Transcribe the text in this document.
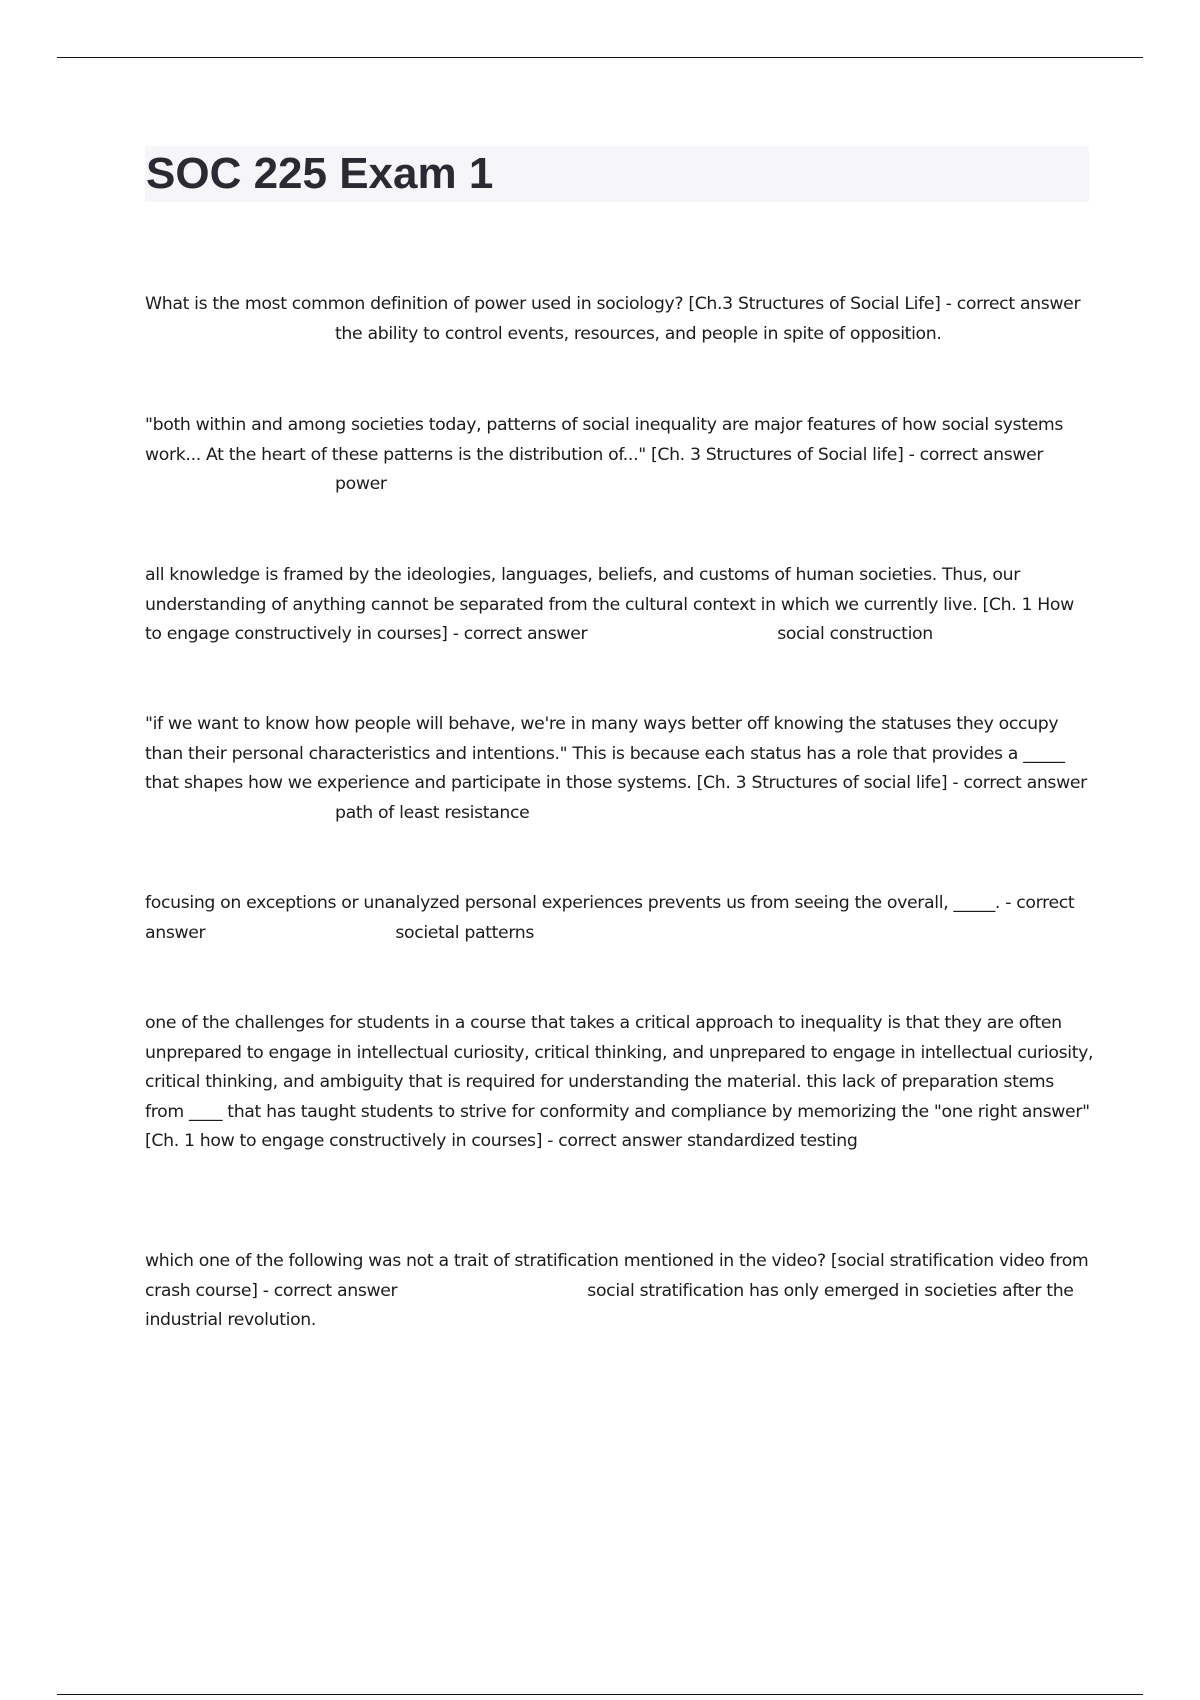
SOC 225 Exam 1
What is the most common definition of power used in sociology? [Ch.3 Structures of Social Life] - correct answerthe ability to control events, resources, and people in spite of opposition.
"both within and among societies today, patterns of social inequality are major features of how social systems work... At the heart of these patterns is the distribution of..." [Ch. 3 Structures of Social life] - correct answerpower
all knowledge is framed by the ideologies, languages, beliefs, and customs of human societies. Thus, our understanding of anything cannot be separated from the cultural context in which we currently live. [Ch. 1 How to engage constructively in courses] - correct answer	social construction
"if we want to know how people will behave, we're in many ways better off knowing the statuses they occupy than their personal characteristics and intentions." This is because each status has a role that provides a _____ that shapes how we experience and participate in those systems. [Ch. 3 Structures of social life] - correct answerpath of least resistance
focusing on exceptions or unanalyzed personal experiences prevents us from seeing the overall, _____. - correct answer	societal patterns
one of the challenges for students in a course that takes a critical approach to inequality is that they are often unprepared to engage in intellectual curiosity, critical thinking, and unprepared to engage in intellectual curiosity, critical thinking, and ambiguity that is required for understanding the material. this lack of preparation stems from ____ that has taught students to strive for conformity and compliance by memorizing the "one right answer" [Ch. 1 how to engage constructively in courses] - correct answer standardized testing
which one of the following was not a trait of stratification mentioned in the video? [social stratification video from crash course] - correct answer	social stratification has only emerged in societies after the industrial revolution.
